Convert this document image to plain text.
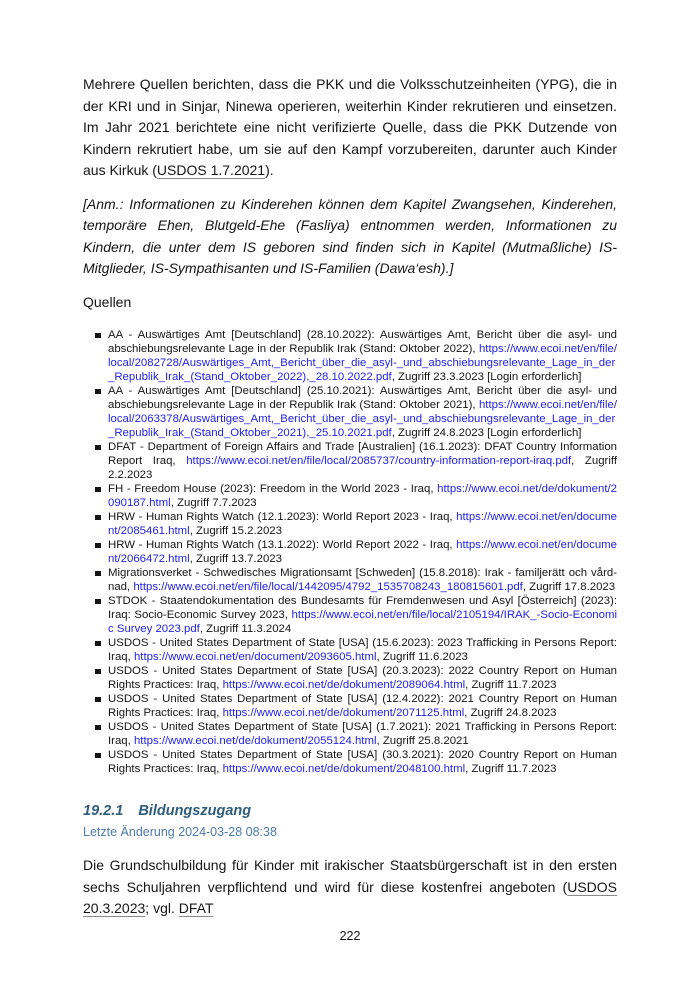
Mehrere Quellen berichten, dass die PKK und die Volksschutzeinheiten (YPG), die in der KRI und in Sinjar, Ninewa operieren, weiterhin Kinder rekrutieren und einsetzen. Im Jahr 2021 berichtete eine nicht verifizierte Quelle, dass die PKK Dutzende von Kindern rekrutiert habe, um sie auf den Kampf vorzubereiten, darunter auch Kinder aus Kirkuk (USDOS 1.7.2021).

[Anm.: Informationen zu Kinderehen können dem Kapitel Zwangsehen, Kinderehen, temporäre Ehen, Blutgeld-Ehe (Fasliya) entnommen werden, Informationen zu Kindern, die unter dem IS geboren sind finden sich in Kapitel (Mutmaßliche) IS-Mitglieder, IS-Sympathisanten und IS-Familien (Dawa‘esh).]

Quellen

AA - Auswärtiges Amt [Deutschland] (28.10.2022): Auswärtiges Amt, Bericht über die asyl- und abschiebungsrelevante Lage in der Republik Irak (Stand: Oktober 2022), https://www.ecoi.net/en/file/local/2082728/Auswärtiges_Amt,_Bericht_über_die_asyl-_und_abschiebungsrelevante_Lage_in_der_Republik_Irak_(Stand_Oktober_2022),_28.10.2022.pdf, Zugriff 23.3.2023 [Login erforderlich]
AA - Auswärtiges Amt [Deutschland] (25.10.2021): Auswärtiges Amt, Bericht über die asyl- und abschiebungsrelevante Lage in der Republik Irak (Stand: Oktober 2021), https://www.ecoi.net/en/file/local/2063378/Auswärtiges_Amt,_Bericht_über_die_asyl-_und_abschiebungsrelevante_Lage_in_der_Republik_Irak_(Stand_Oktober_2021),_25.10.2021.pdf, Zugriff 24.8.2023 [Login erforderlich]
DFAT - Department of Foreign Affairs and Trade [Australien] (16.1.2023): DFAT Country Information Report Iraq, https://www.ecoi.net/en/file/local/2085737/country-information-report-iraq.pdf, Zugriff 2.2.2023
FH - Freedom House (2023): Freedom in the World 2023 - Iraq, https://www.ecoi.net/de/dokument/2090187.html, Zugriff 7.7.2023
HRW - Human Rights Watch (12.1.2023): World Report 2023 - Iraq, https://www.ecoi.net/en/document/2085461.html, Zugriff 15.2.2023
HRW - Human Rights Watch (13.1.2022): World Report 2022 - Iraq, https://www.ecoi.net/en/document/2066472.html, Zugriff 13.7.2023
Migrationsverket - Schwedisches Migrationsamt [Schweden] (15.8.2018): Irak - familjerätt och vårdnad, https://www.ecoi.net/en/file/local/1442095/4792_1535708243_180815601.pdf, Zugriff 17.8.2023
STDOK - Staatendokumentation des Bundesamts für Fremdenwesen und Asyl [Österreich] (2023): Iraq: Socio-Economic Survey 2023, https://www.ecoi.net/en/file/local/2105194/IRAK_-Socio-Economic Survey 2023.pdf, Zugriff 11.3.2024
USDOS - United States Department of State [USA] (15.6.2023): 2023 Trafficking in Persons Report: Iraq, https://www.ecoi.net/en/document/2093605.html, Zugriff 11.6.2023
USDOS - United States Department of State [USA] (20.3.2023): 2022 Country Report on Human Rights Practices: Iraq, https://www.ecoi.net/de/dokument/2089064.html, Zugriff 11.7.2023
USDOS - United States Department of State [USA] (12.4.2022): 2021 Country Report on Human Rights Practices: Iraq, https://www.ecoi.net/de/dokument/2071125.html, Zugriff 24.8.2023
USDOS - United States Department of State [USA] (1.7.2021): 2021 Trafficking in Persons Report: Iraq, https://www.ecoi.net/de/dokument/2055124.html, Zugriff 25.8.2021
USDOS - United States Department of State [USA] (30.3.2021): 2020 Country Report on Human Rights Practices: Iraq, https://www.ecoi.net/de/dokument/2048100.html, Zugriff 11.7.2023
19.2.1 Bildungszugang
Letzte Änderung 2024-03-28 08:38

Die Grundschulbildung für Kinder mit irakischer Staatsbürgerschaft ist in den ersten sechs Schuljahren verpflichtend und wird für diese kostenfrei angeboten (USDOS 20.3.2023; vgl. DFAT

222
